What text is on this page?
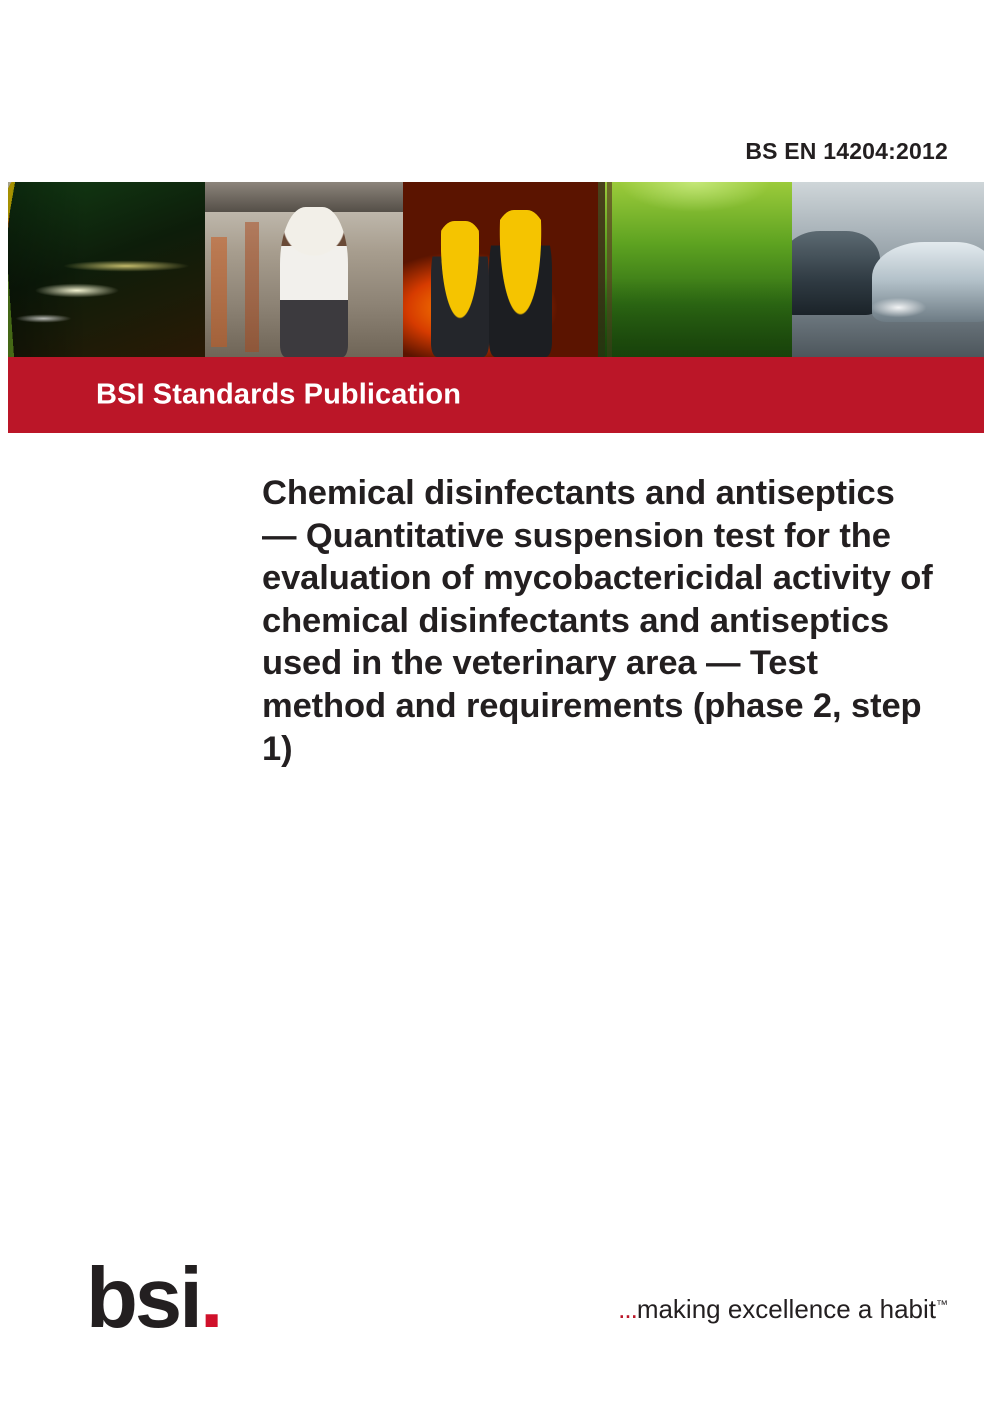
BS EN 14204:2012
BSI Standards Publication
Chemical disinfectants and antiseptics — Quantitative suspension test for the evaluation of mycobactericidal activity of chemical disinfectants and antiseptics used in the veterinary area — Test method and requirements (phase 2, step 1)
bsi.	...making excellence a habit™
